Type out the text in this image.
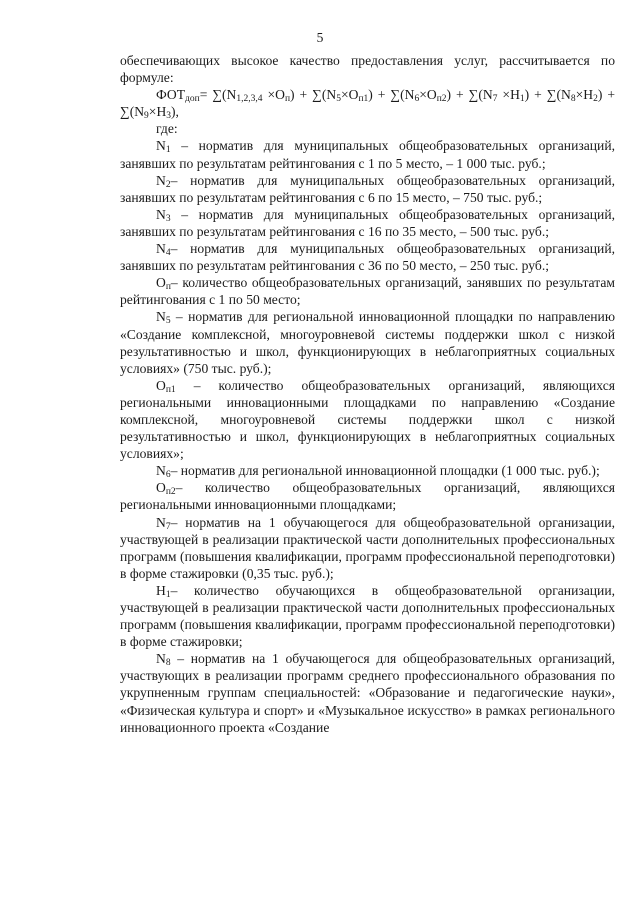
5

обеспечивающих высокое качество предоставления услуг, рассчитывается по формуле:

$ФОТ_{доп}= \sum(N_{1,2,3,4} \times O_п) + \sum(N_5\times O_{п1}) + \sum(N_6\times O_{п2}) + \sum(N_7 \times H_1) + \sum(N_8\times H_2) + \sum(N_9\times H_3)$,

где:

$N_1$ – норматив для муниципальных общеобразовательных организаций, занявших по результатам рейтингования с 1 по 5 место, – 1 000 тыс. руб.;

$N_2-$ норматив для муниципальных общеобразовательных организаций, занявших по результатам рейтингования с 6 по 15 место, – 750 тыс. руб.;

$N_3$ – норматив для муниципальных общеобразовательных организаций, занявших по результатам рейтингования с 16 по 35 место, – 500 тыс. руб.;

$N_4-$ норматив для муниципальных общеобразовательных организаций, занявших по результатам рейтингования с 36 по 50 место, – 250 тыс. руб.;

$O_п-$ количество общеобразовательных организаций, занявших по результатам рейтингования с 1 по 50 место;

$N_5$ – норматив для региональной инновационной площадки по направлению «Создание комплексной, многоуровневой системы поддержки школ с низкой результативностью и школ, функционирующих в неблагоприятных социальных условиях» (750 тыс. руб.);

$O_{п1}$ – количество общеобразовательных организаций, являющихся региональными инновационными площадками по направлению «Создание комплексной, многоуровневой системы поддержки школ с низкой результативностью и школ, функционирующих в неблагоприятных социальных условиях»;

$N_6-$ норматив для региональной инновационной площадки (1 000 тыс. руб.);

$O_{п2}-$ количество общеобразовательных организаций, являющихся региональными инновационными площадками;

$N_7-$ норматив на 1 обучающегося для общеобразовательной организации, участвующей в реализации практической части дополнительных профессиональных программ (повышения квалификации, программ профессиональной переподготовки) в форме стажировки (0,35 тыс. руб.);

$H_1-$ количество обучающихся в общеобразовательной организации, участвующей в реализации практической части дополнительных профессиональных программ (повышения квалификации, программ профессиональной переподготовки) в форме стажировки;

$N_8$ – норматив на 1 обучающегося для общеобразовательных организаций, участвующих в реализации программ среднего профессионального образования по укрупненным группам специальностей: «Образование и педагогические науки», «Физическая культура и спорт» и «Музыкальное искусство» в рамках регионального инновационного проекта «Создание
